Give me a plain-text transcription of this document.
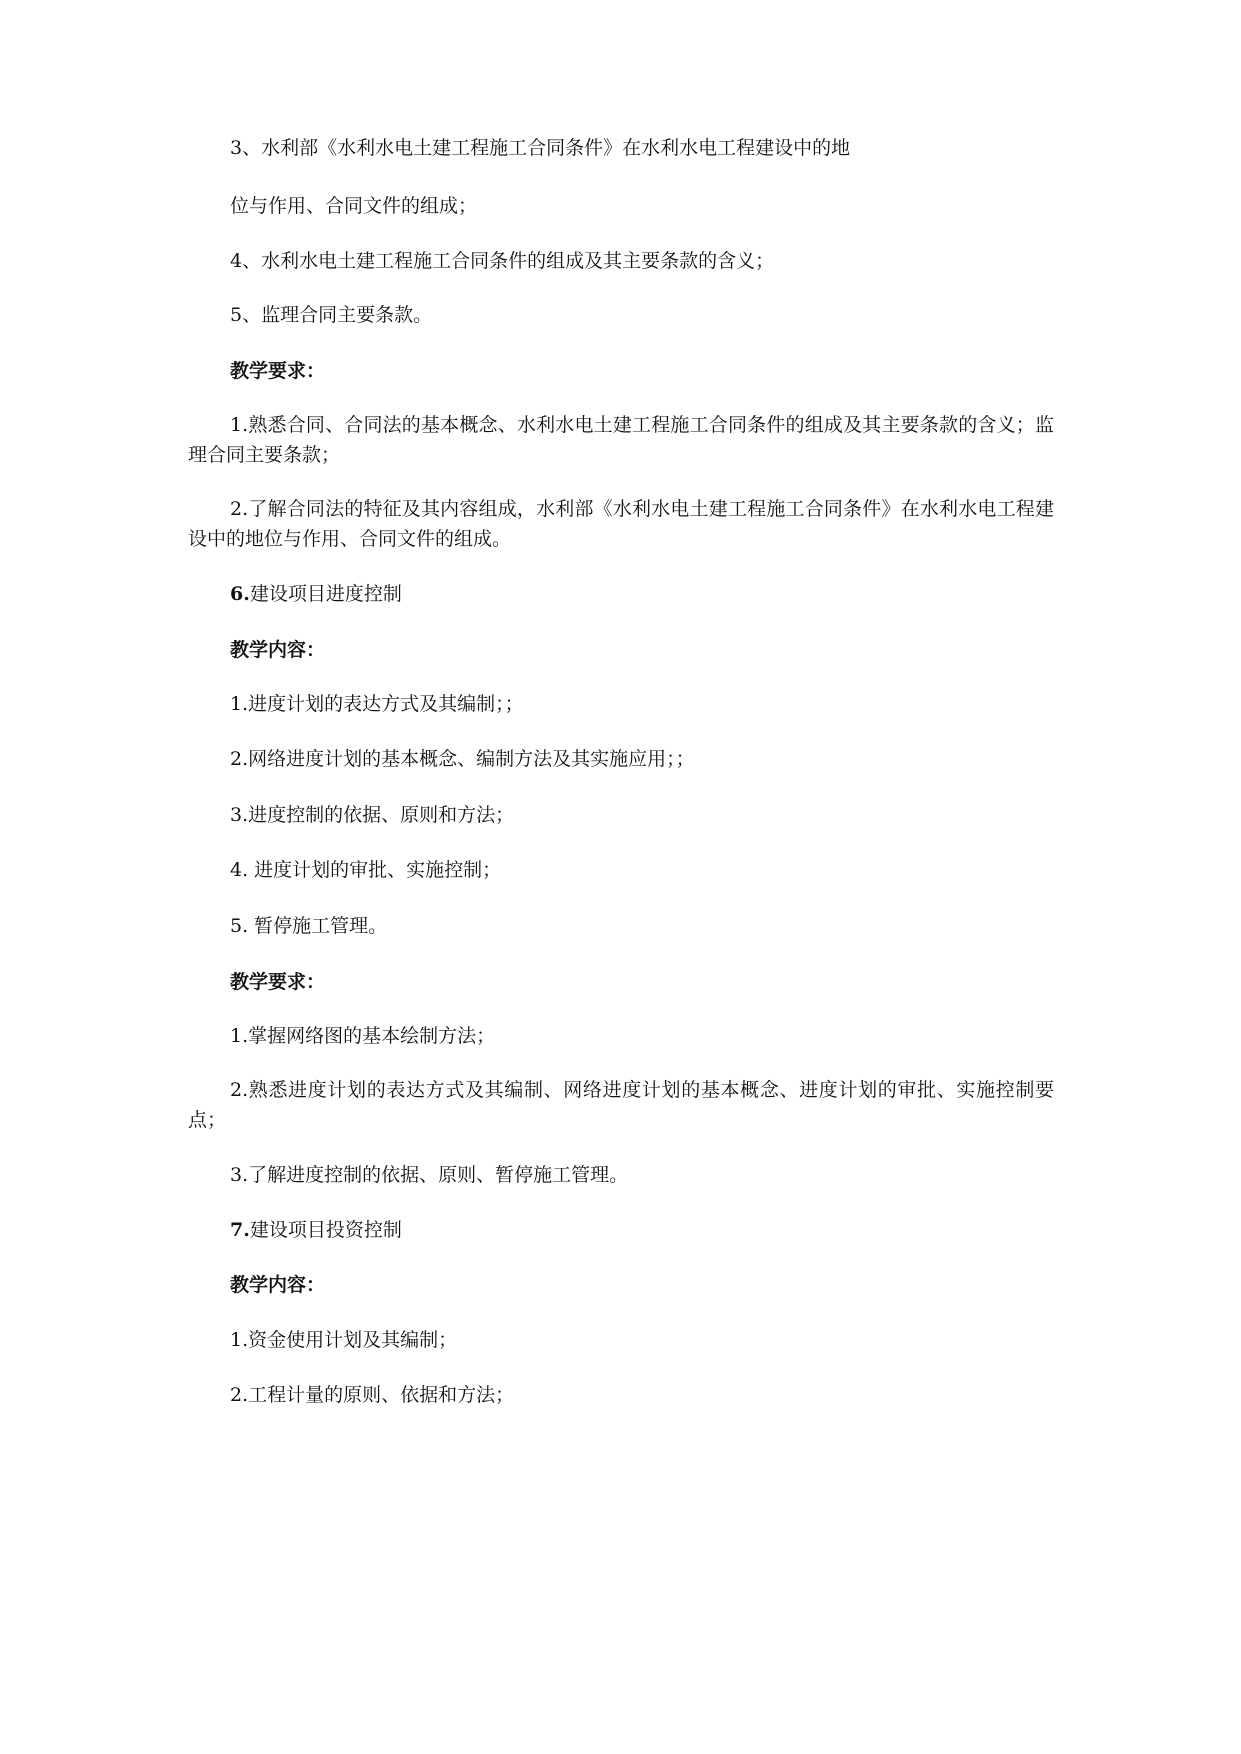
3、水利部《水利水电土建工程施工合同条件》在水利水电工程建设中的地
位与作用、合同文件的组成；
4、水利水电土建工程施工合同条件的组成及其主要条款的含义；
5、监理合同主要条款。
教学要求：
1.熟悉合同、合同法的基本概念、水利水电土建工程施工合同条件的组成及其主要条款的含义；监理合同主要条款；
2.了解合同法的特征及其内容组成，水利部《水利水电土建工程施工合同条件》在水利水电工程建设中的地位与作用、合同文件的组成。
6.建设项目进度控制
教学内容：
1.进度计划的表达方式及其编制；；
2.网络进度计划的基本概念、编制方法及其实施应用；；
3.进度控制的依据、原则和方法；
4. 进度计划的审批、实施控制；
5. 暂停施工管理。
教学要求：
1.掌握网络图的基本绘制方法；
2.熟悉进度计划的表达方式及其编制、网络进度计划的基本概念、进度计划的审批、实施控制要点；
3.了解进度控制的依据、原则、暂停施工管理。
7.建设项目投资控制
教学内容：
1.资金使用计划及其编制；
2.工程计量的原则、依据和方法；
